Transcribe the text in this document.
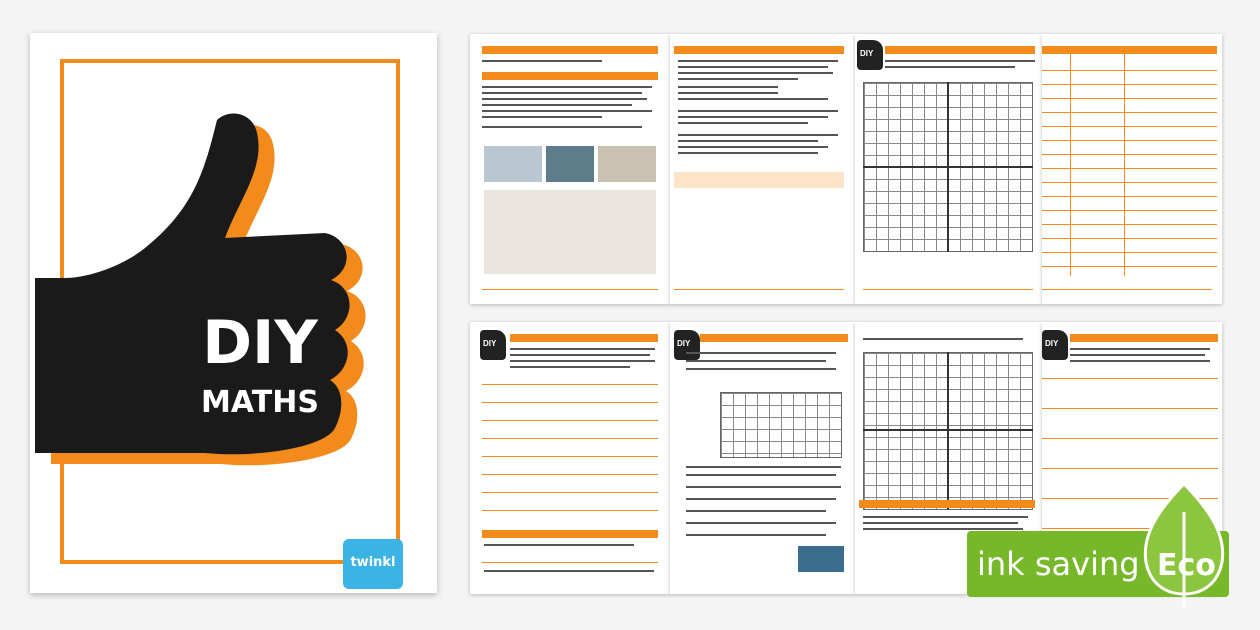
DIY
MATHS
twinkl
DIY
DIY	DIY	DIY
ink saving Eco
